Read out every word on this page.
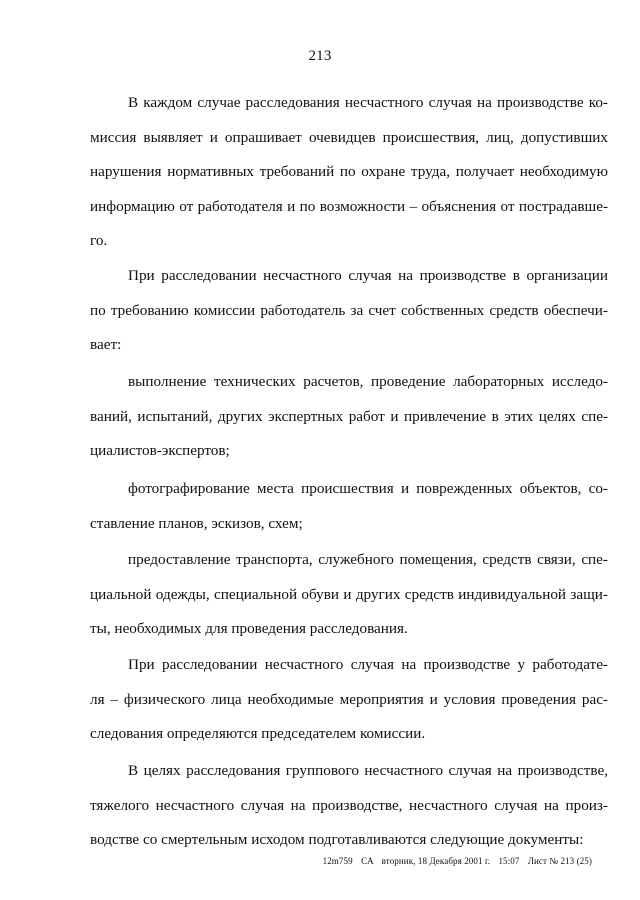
213
В каждом случае расследования несчастного случая на производстве ко-
миссия выявляет и опрашивает очевидцев происшествия, лиц, допустивших
нарушения нормативных требований по охране труда, получает необходимую
информацию от работодателя и по возможности – объяснения от пострадавше-
го.
При расследовании несчастного случая на производстве в организации
по требованию комиссии работодатель за счет собственных средств обеспечи-
вает:
выполнение технических расчетов, проведение лабораторных исследо-
ваний, испытаний, других экспертных работ и привлечение в этих целях спе-
циалистов-экспертов;
фотографирование места происшествия и поврежденных объектов, со-
ставление планов, эскизов, схем;
предоставление транспорта, служебного помещения, средств связи, спе-
циальной одежды, специальной обуви и других средств индивидуальной защи-
ты, необходимых для проведения расследования.
При расследовании несчастного случая на производстве у работодате-
ля – физического лица необходимые мероприятия и условия проведения рас-
следования определяются председателем комиссии.
В целях расследования группового несчастного случая на производстве,
тяжелого несчастного случая на производстве, несчастного случая на произ-
водстве со смертельным исходом подготавливаются следующие документы:
12m759 CA вторник, 18 Декабря 2001 г. 15:07 Лист № 213 (25)
